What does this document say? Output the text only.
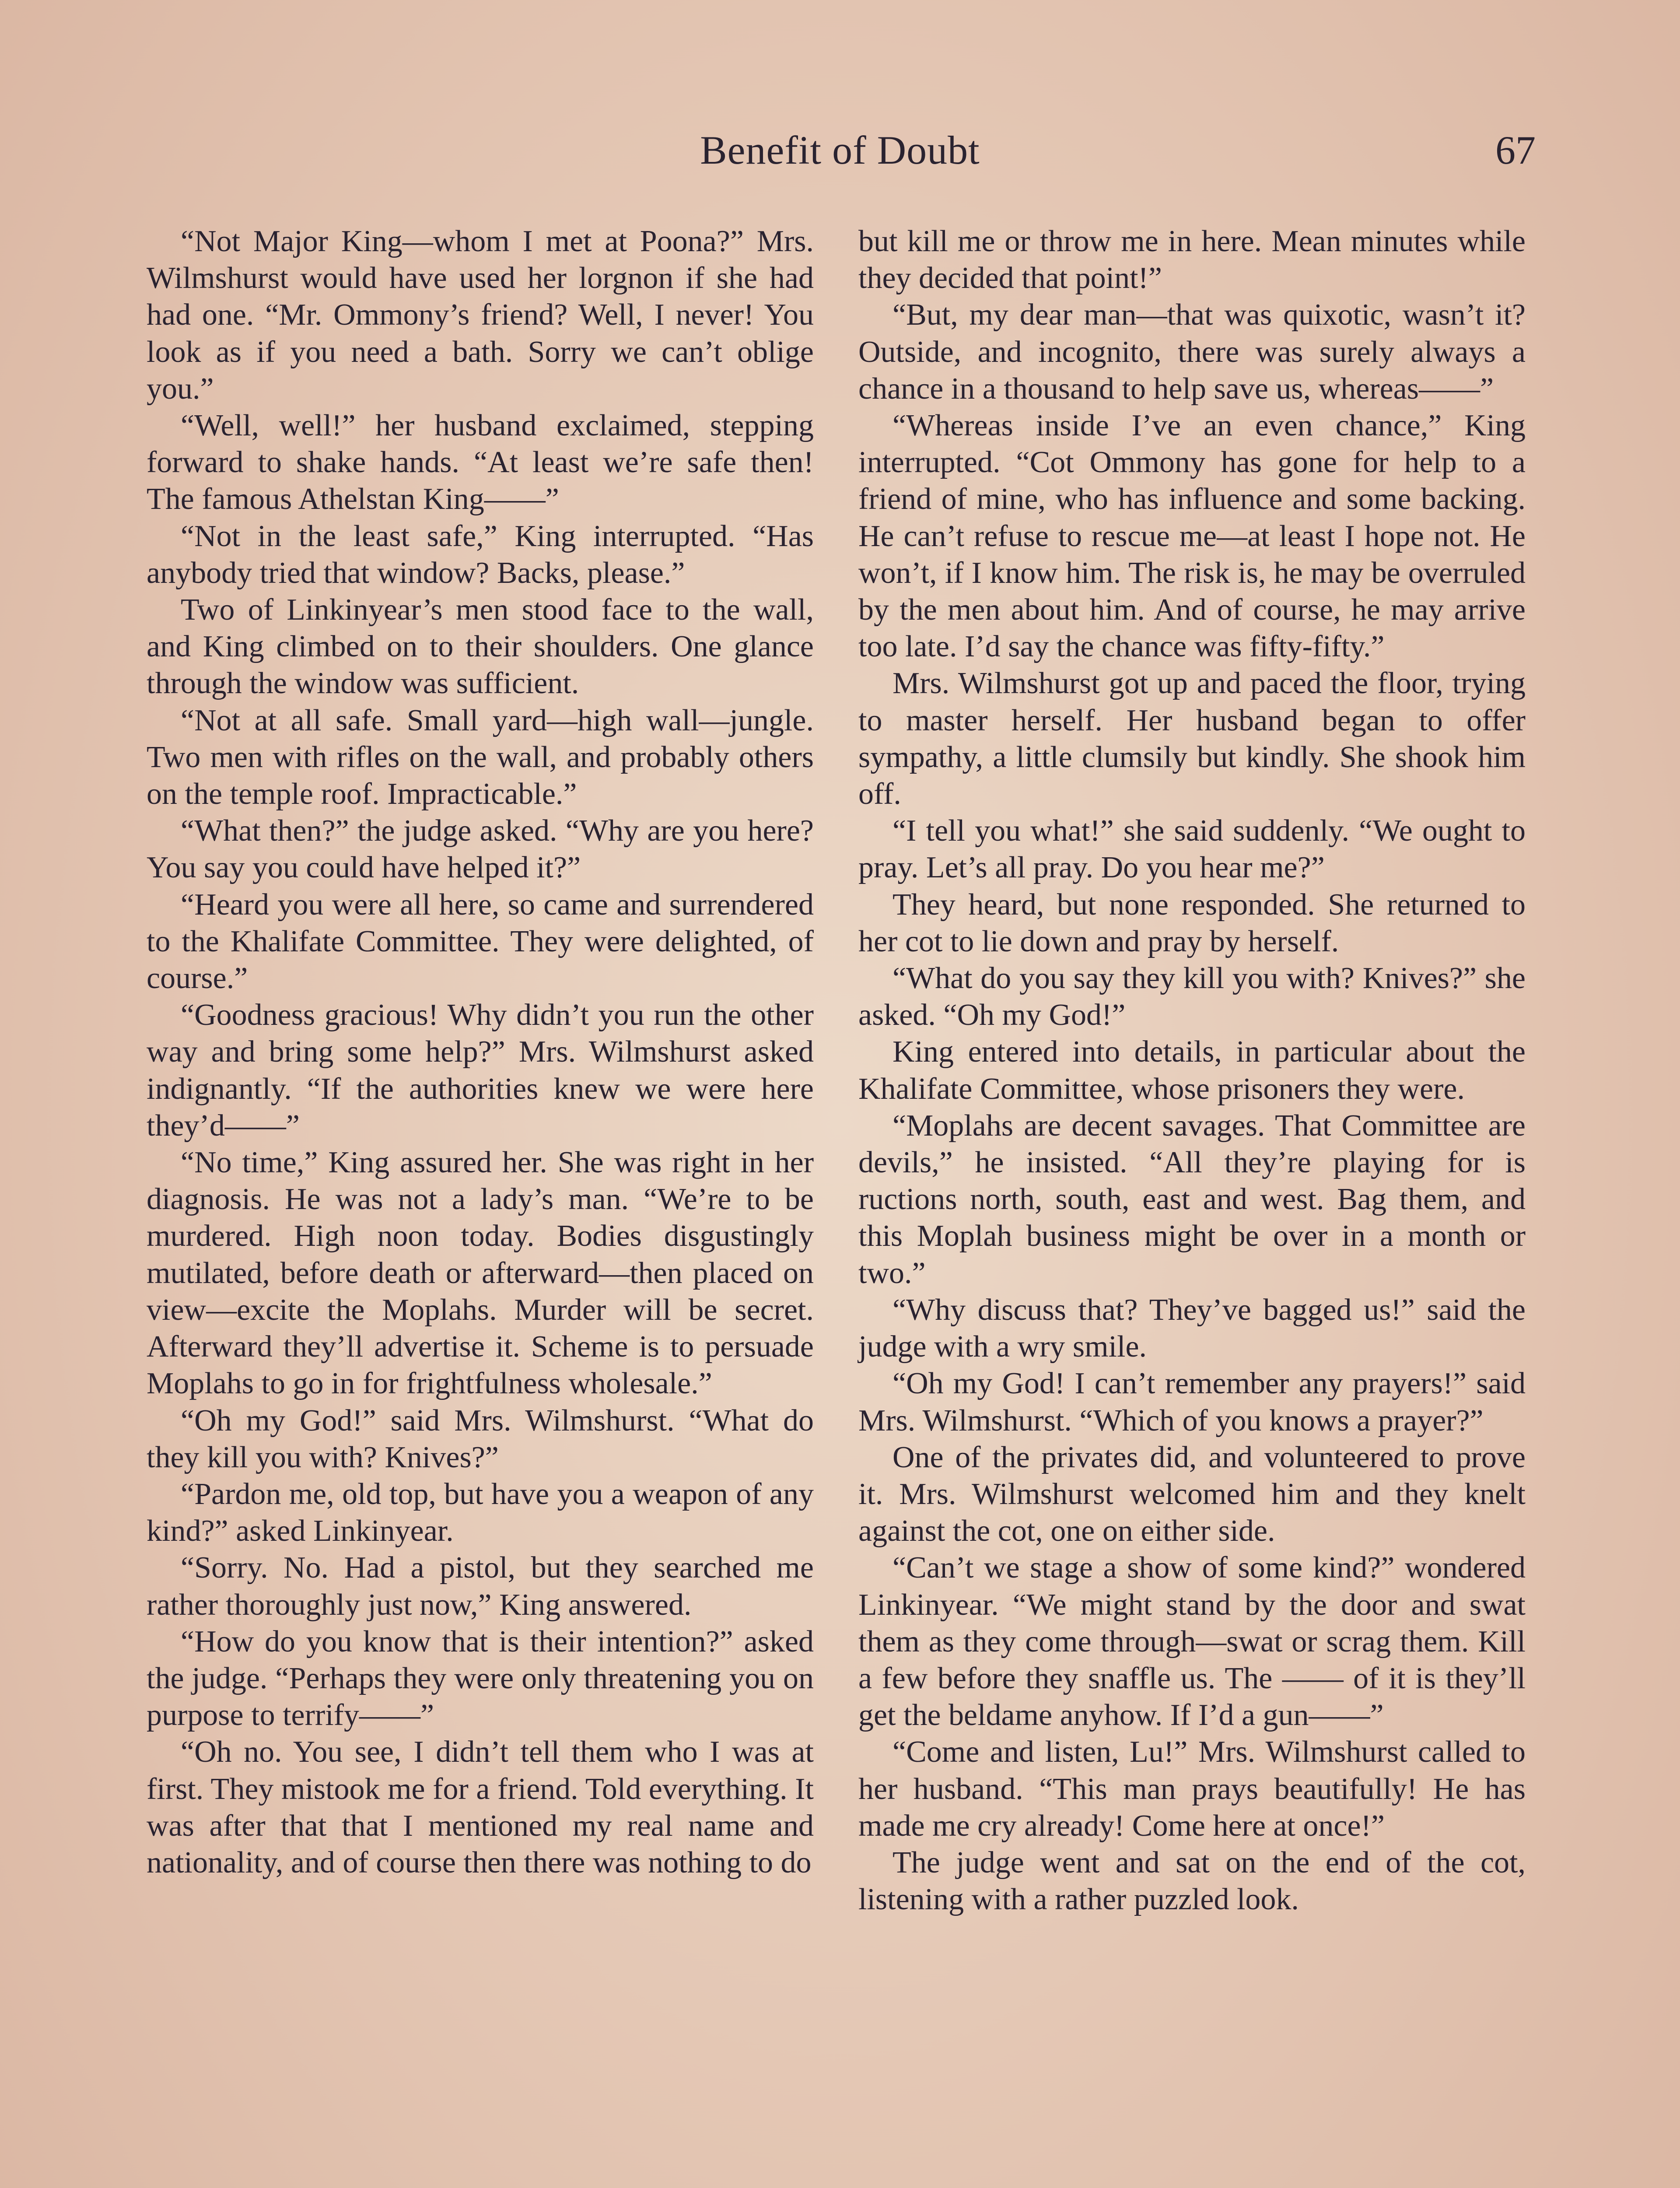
Benefit of Doubt	67

“Not Major King—whom I met at Poona?” Mrs. Wilmshurst would have used her lorgnon if she had had one. “Mr. Ommony’s friend? Well, I never! You look as if you need a bath. Sorry we can’t oblige you.”

“Well, well!” her husband exclaimed, stepping forward to shake hands. “At least we’re safe then! The famous Athelstan King——”

“Not in the least safe,” King interrupted. “Has anybody tried that window? Backs, please.”

Two of Linkinyear’s men stood face to the wall, and King climbed on to their shoulders. One glance through the window was sufficient.

“Not at all safe. Small yard—high wall—jungle. Two men with rifles on the wall, and probably others on the temple roof. Impracticable.”

“What then?” the judge asked. “Why are you here? You say you could have helped it?”

“Heard you were all here, so came and surrendered to the Khalifate Committee. They were delighted, of course.”

“Goodness gracious! Why didn’t you run the other way and bring some help?” Mrs. Wilmshurst asked indignantly. “If the authorities knew we were here they’d——”

“No time,” King assured her. She was right in her diagnosis. He was not a lady’s man. “We’re to be murdered. High noon today. Bodies disgustingly mutilated, before death or afterward—then placed on view—excite the Moplahs. Murder will be secret. Afterward they’ll advertise it. Scheme is to persuade Moplahs to go in for frightfulness wholesale.”

“Oh my God!” said Mrs. Wilmshurst. “What do they kill you with? Knives?”

“Pardon me, old top, but have you a weapon of any kind?” asked Linkinyear.

“Sorry. No. Had a pistol, but they searched me rather thoroughly just now,” King answered.

“How do you know that is their intention?” asked the judge. “Perhaps they were only threatening you on purpose to terrify——”

“Oh no. You see, I didn’t tell them who I was at first. They mistook me for a friend. Told everything. It was after that that I mentioned my real name and nationality, and of course then there was nothing to do

but kill me or throw me in here. Mean minutes while they decided that point!”

“But, my dear man—that was quixotic, wasn’t it? Outside, and incognito, there was surely always a chance in a thousand to help save us, whereas——”

“Whereas inside I’ve an even chance,” King interrupted. “Cot Ommony has gone for help to a friend of mine, who has influence and some backing. He can’t refuse to rescue me—at least I hope not. He won’t, if I know him. The risk is, he may be overruled by the men about him. And of course, he may arrive too late. I’d say the chance was fifty-fifty.”

Mrs. Wilmshurst got up and paced the floor, trying to master herself. Her husband began to offer sympathy, a little clumsily but kindly. She shook him off.

“I tell you what!” she said suddenly. “We ought to pray. Let’s all pray. Do you hear me?”

They heard, but none responded. She returned to her cot to lie down and pray by herself.

“What do you say they kill you with? Knives?” she asked. “Oh my God!”

King entered into details, in particular about the Khalifate Committee, whose prisoners they were.

“Moplahs are decent savages. That Committee are devils,” he insisted. “All they’re playing for is ructions north, south, east and west. Bag them, and this Moplah business might be over in a month or two.”

“Why discuss that? They’ve bagged us!” said the judge with a wry smile.

“Oh my God! I can’t remember any prayers!” said Mrs. Wilmshurst. “Which of you knows a prayer?”

One of the privates did, and volunteered to prove it. Mrs. Wilmshurst welcomed him and they knelt against the cot, one on either side.

“Can’t we stage a show of some kind?” wondered Linkinyear. “We might stand by the door and swat them as they come through—swat or scrag them. Kill a few before they snaffle us. The —— of it is they’ll get the beldame anyhow. If I’d a gun——”

“Come and listen, Lu!” Mrs. Wilmshurst called to her husband. “This man prays beautifully! He has made me cry already! Come here at once!”

The judge went and sat on the end of the cot, listening with a rather puzzled look.
